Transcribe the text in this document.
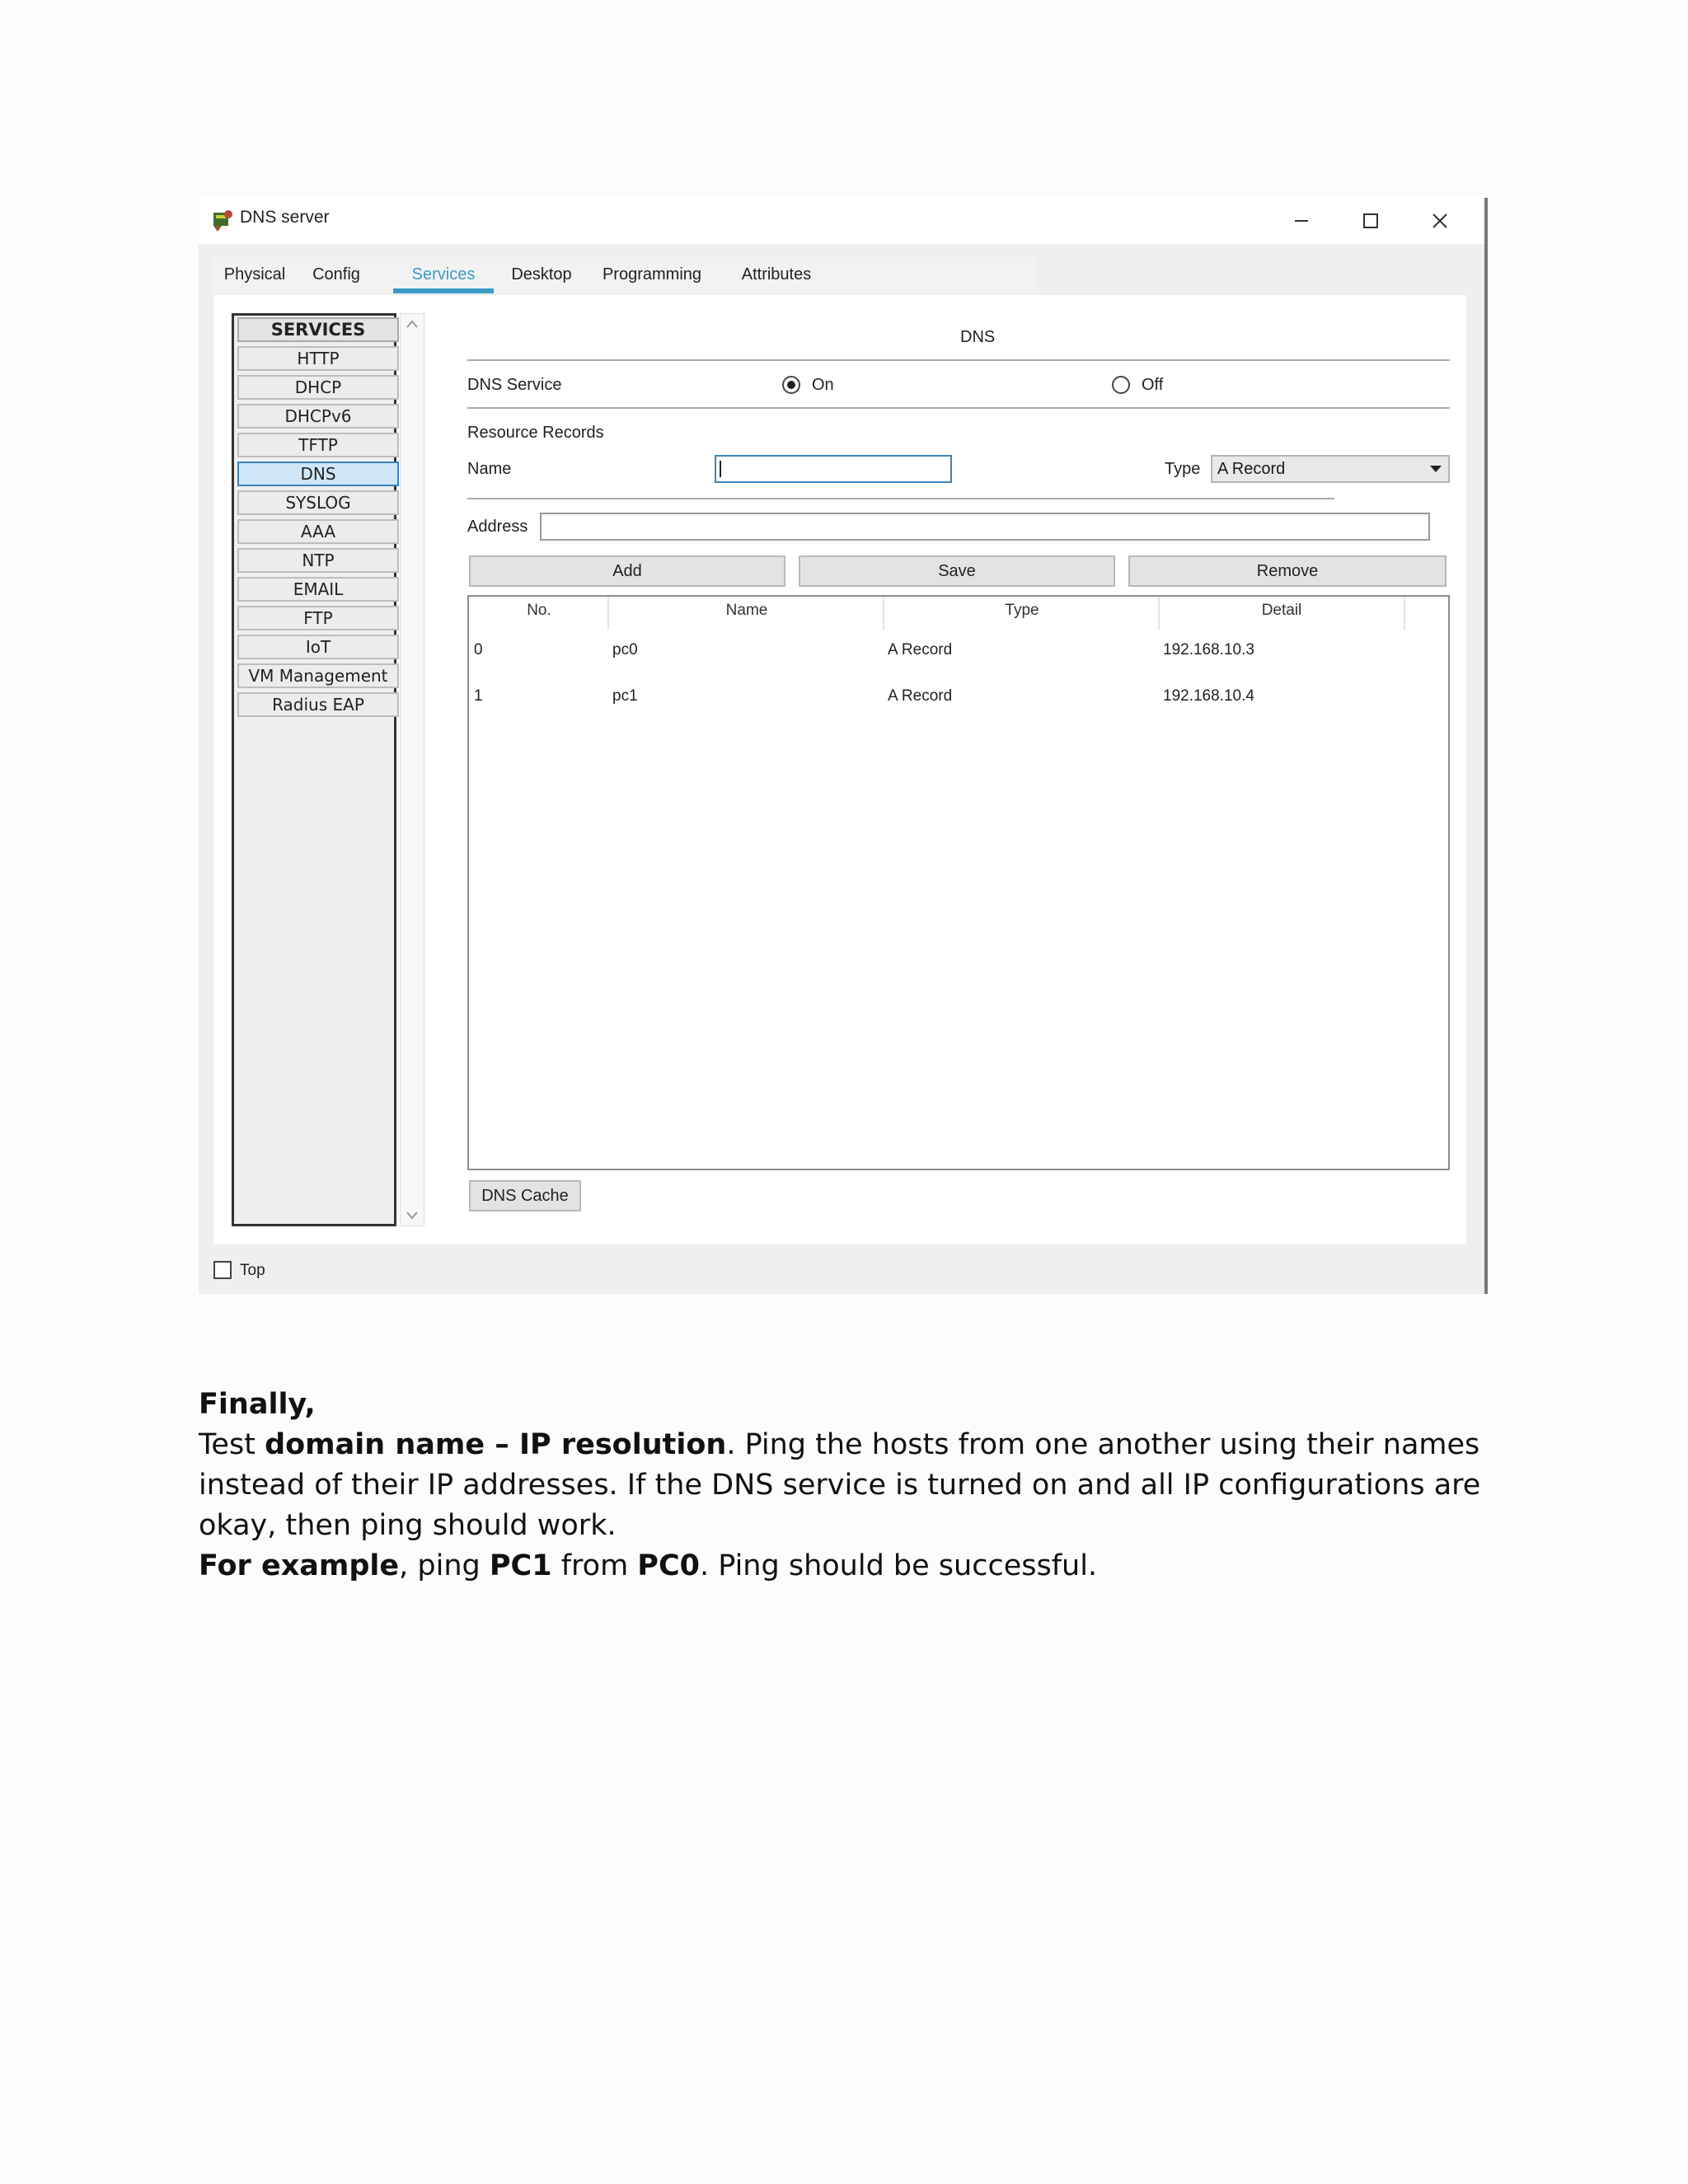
DNS server
Physical	Config	Services	Desktop	Programming	Attributes
SERVICES
HTTP
DHCP
DHCPv6
TFTP
DNS
SYSLOG
AAA
NTP
EMAIL
FTP
IoT
VM Management
Radius EAP
DNS
DNS Service	On	Off
Resource Records
Name	Type	A Record
Address
Add	Save	Remove
No.	Name	Type	Detail
0	pc0	A Record	192.168.10.3
1	pc1	A Record	192.168.10.4
DNS Cache
Top

Finally,

Test domain name – IP resolution. Ping the hosts from one another using their names instead of their IP addresses. If the DNS service is turned on and all IP configurations are okay, then ping should work.

For example, ping PC1 from PC0. Ping should be successful.
